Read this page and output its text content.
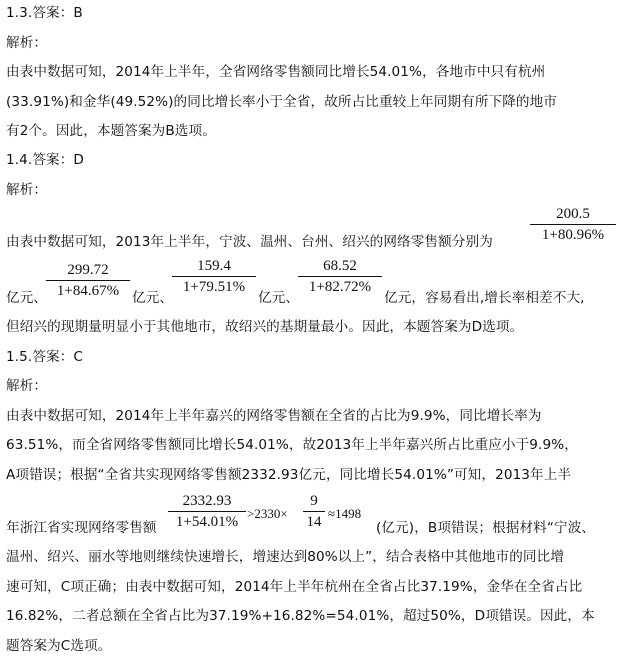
1.3.答案：B
解析：
由表中数据可知，2014年上半年，全省网络零售额同比增长54.01%，各地市中只有杭州
(33.91%)和金华(49.52%)的同比增长率小于全省，故所占比重较上年同期有所下降的地市
有2个。因此，本题答案为B选项。
1.4.答案：D
解析：
由表中数据可知，2013年上半年，宁波、温州、台州、绍兴的网络零售额分别为
200.5
1+80.96%
亿元、
299.72
1+84.67% 亿元、
159.4
1+79.51%
亿元、
68.52
1+82.72%
亿元，容易看出,增长率相差不大,
但绍兴的现期量明显小于其他地市，故绍兴的基期量最小。因此，本题答案为D选项。
1.5.答案：C
解析：
由表中数据可知，2014年上半年嘉兴的网络零售额在全省的占比为9.9%，同比增长率为
63.51%，而全省网络零售额同比增长54.01%，故2013年上半年嘉兴所占比重应小于9.9%，
A项错误；根据“全省共实现网络零售额2332.93亿元，同比增长54.01%”可知，2013年上半
年浙江省实现网络零售额
2332.93
1+54.01%
>2330×
9
14
≈1498
(亿元)，B项错误；根据材料“宁波、
温州、绍兴、丽水等地则继续快速增长，增速达到80%以上”，结合表格中其他地市的同比增
速可知，C项正确；由表中数据可知，2014年上半年杭州在全省占比37.19%，金华在全省占比
16.82%，二者总额在全省占比为37.19%+16.82%=54.01%，超过50%，D项错误。因此，本
题答案为C选项。
